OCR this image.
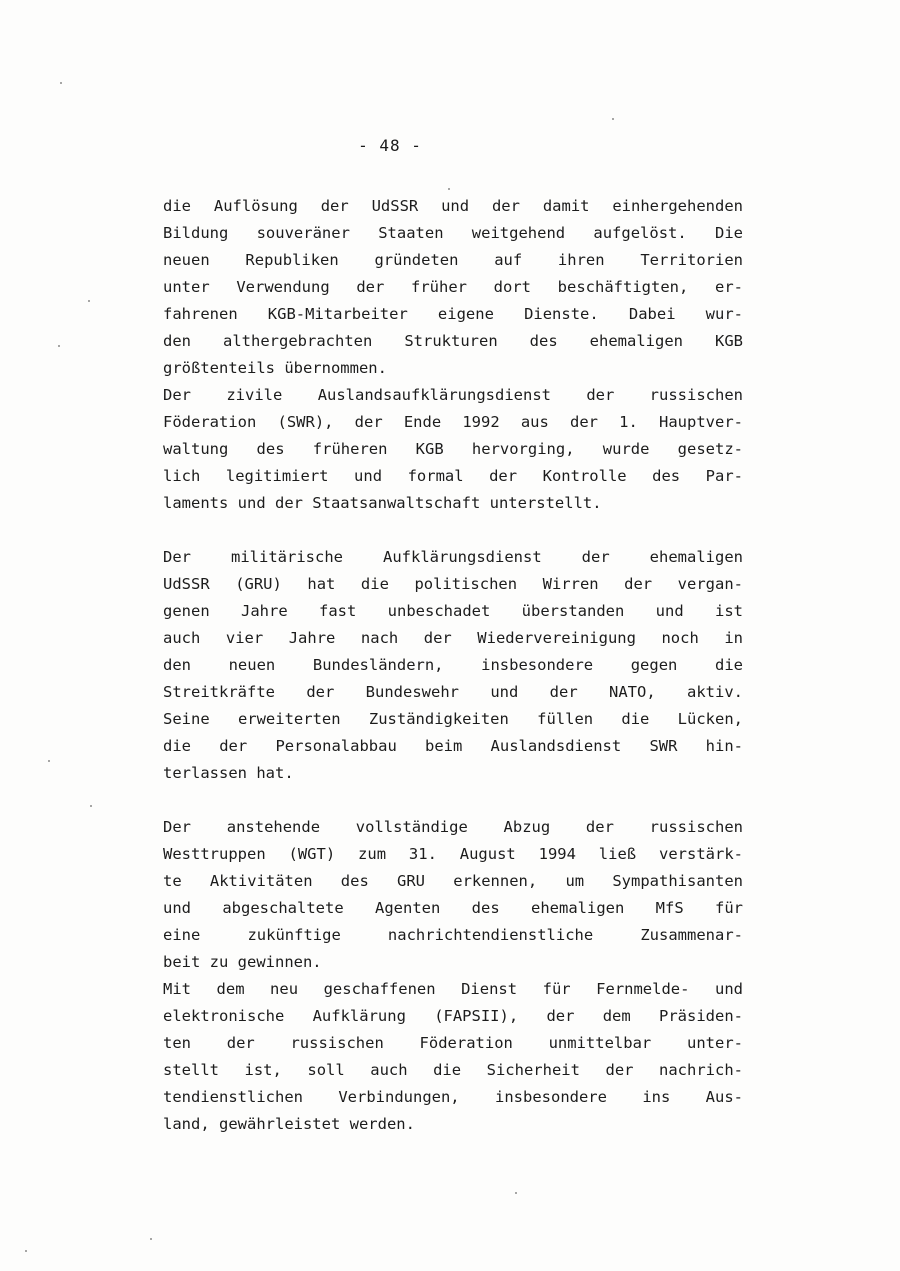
- 48 -
die Auflösung der UdSSR und der damit einhergehenden
Bildung souveräner Staaten weitgehend aufgelöst. Die
neuen Republiken gründeten auf ihren Territorien
unter Verwendung der früher dort beschäftigten, er-
fahrenen KGB-Mitarbeiter eigene Dienste. Dabei wur-
den althergebrachten Strukturen des ehemaligen KGB
größtenteils übernommen.
Der zivile Auslandsaufklärungsdienst der russischen
Föderation (SWR), der Ende 1992 aus der 1. Hauptver-
waltung des früheren KGB hervorging, wurde gesetz-
lich legitimiert und formal der Kontrolle des Par-
laments und der Staatsanwaltschaft unterstellt.
Der militärische Aufklärungsdienst der ehemaligen
UdSSR (GRU) hat die politischen Wirren der vergan-
genen Jahre fast unbeschadet überstanden und ist
auch vier Jahre nach der Wiedervereinigung noch in
den neuen Bundesländern, insbesondere gegen die
Streitkräfte der Bundeswehr und der NATO, aktiv.
Seine erweiterten Zuständigkeiten füllen die Lücken,
die der Personalabbau beim Auslandsdienst SWR hin-
terlassen hat.
Der anstehende vollständige Abzug der russischen
Westtruppen (WGT) zum 31. August 1994 ließ verstärk-
te Aktivitäten des GRU erkennen, um Sympathisanten
und abgeschaltete Agenten des ehemaligen MfS für
eine zukünftige nachrichtendienstliche Zusammenar-
beit zu gewinnen.
Mit dem neu geschaffenen Dienst für Fernmelde- und
elektronische Aufklärung (FAPSII), der dem Präsiden-
ten der russischen Föderation unmittelbar unter-
stellt ist, soll auch die Sicherheit der nachrich-
tendienstlichen Verbindungen, insbesondere ins Aus-
land, gewährleistet werden.
